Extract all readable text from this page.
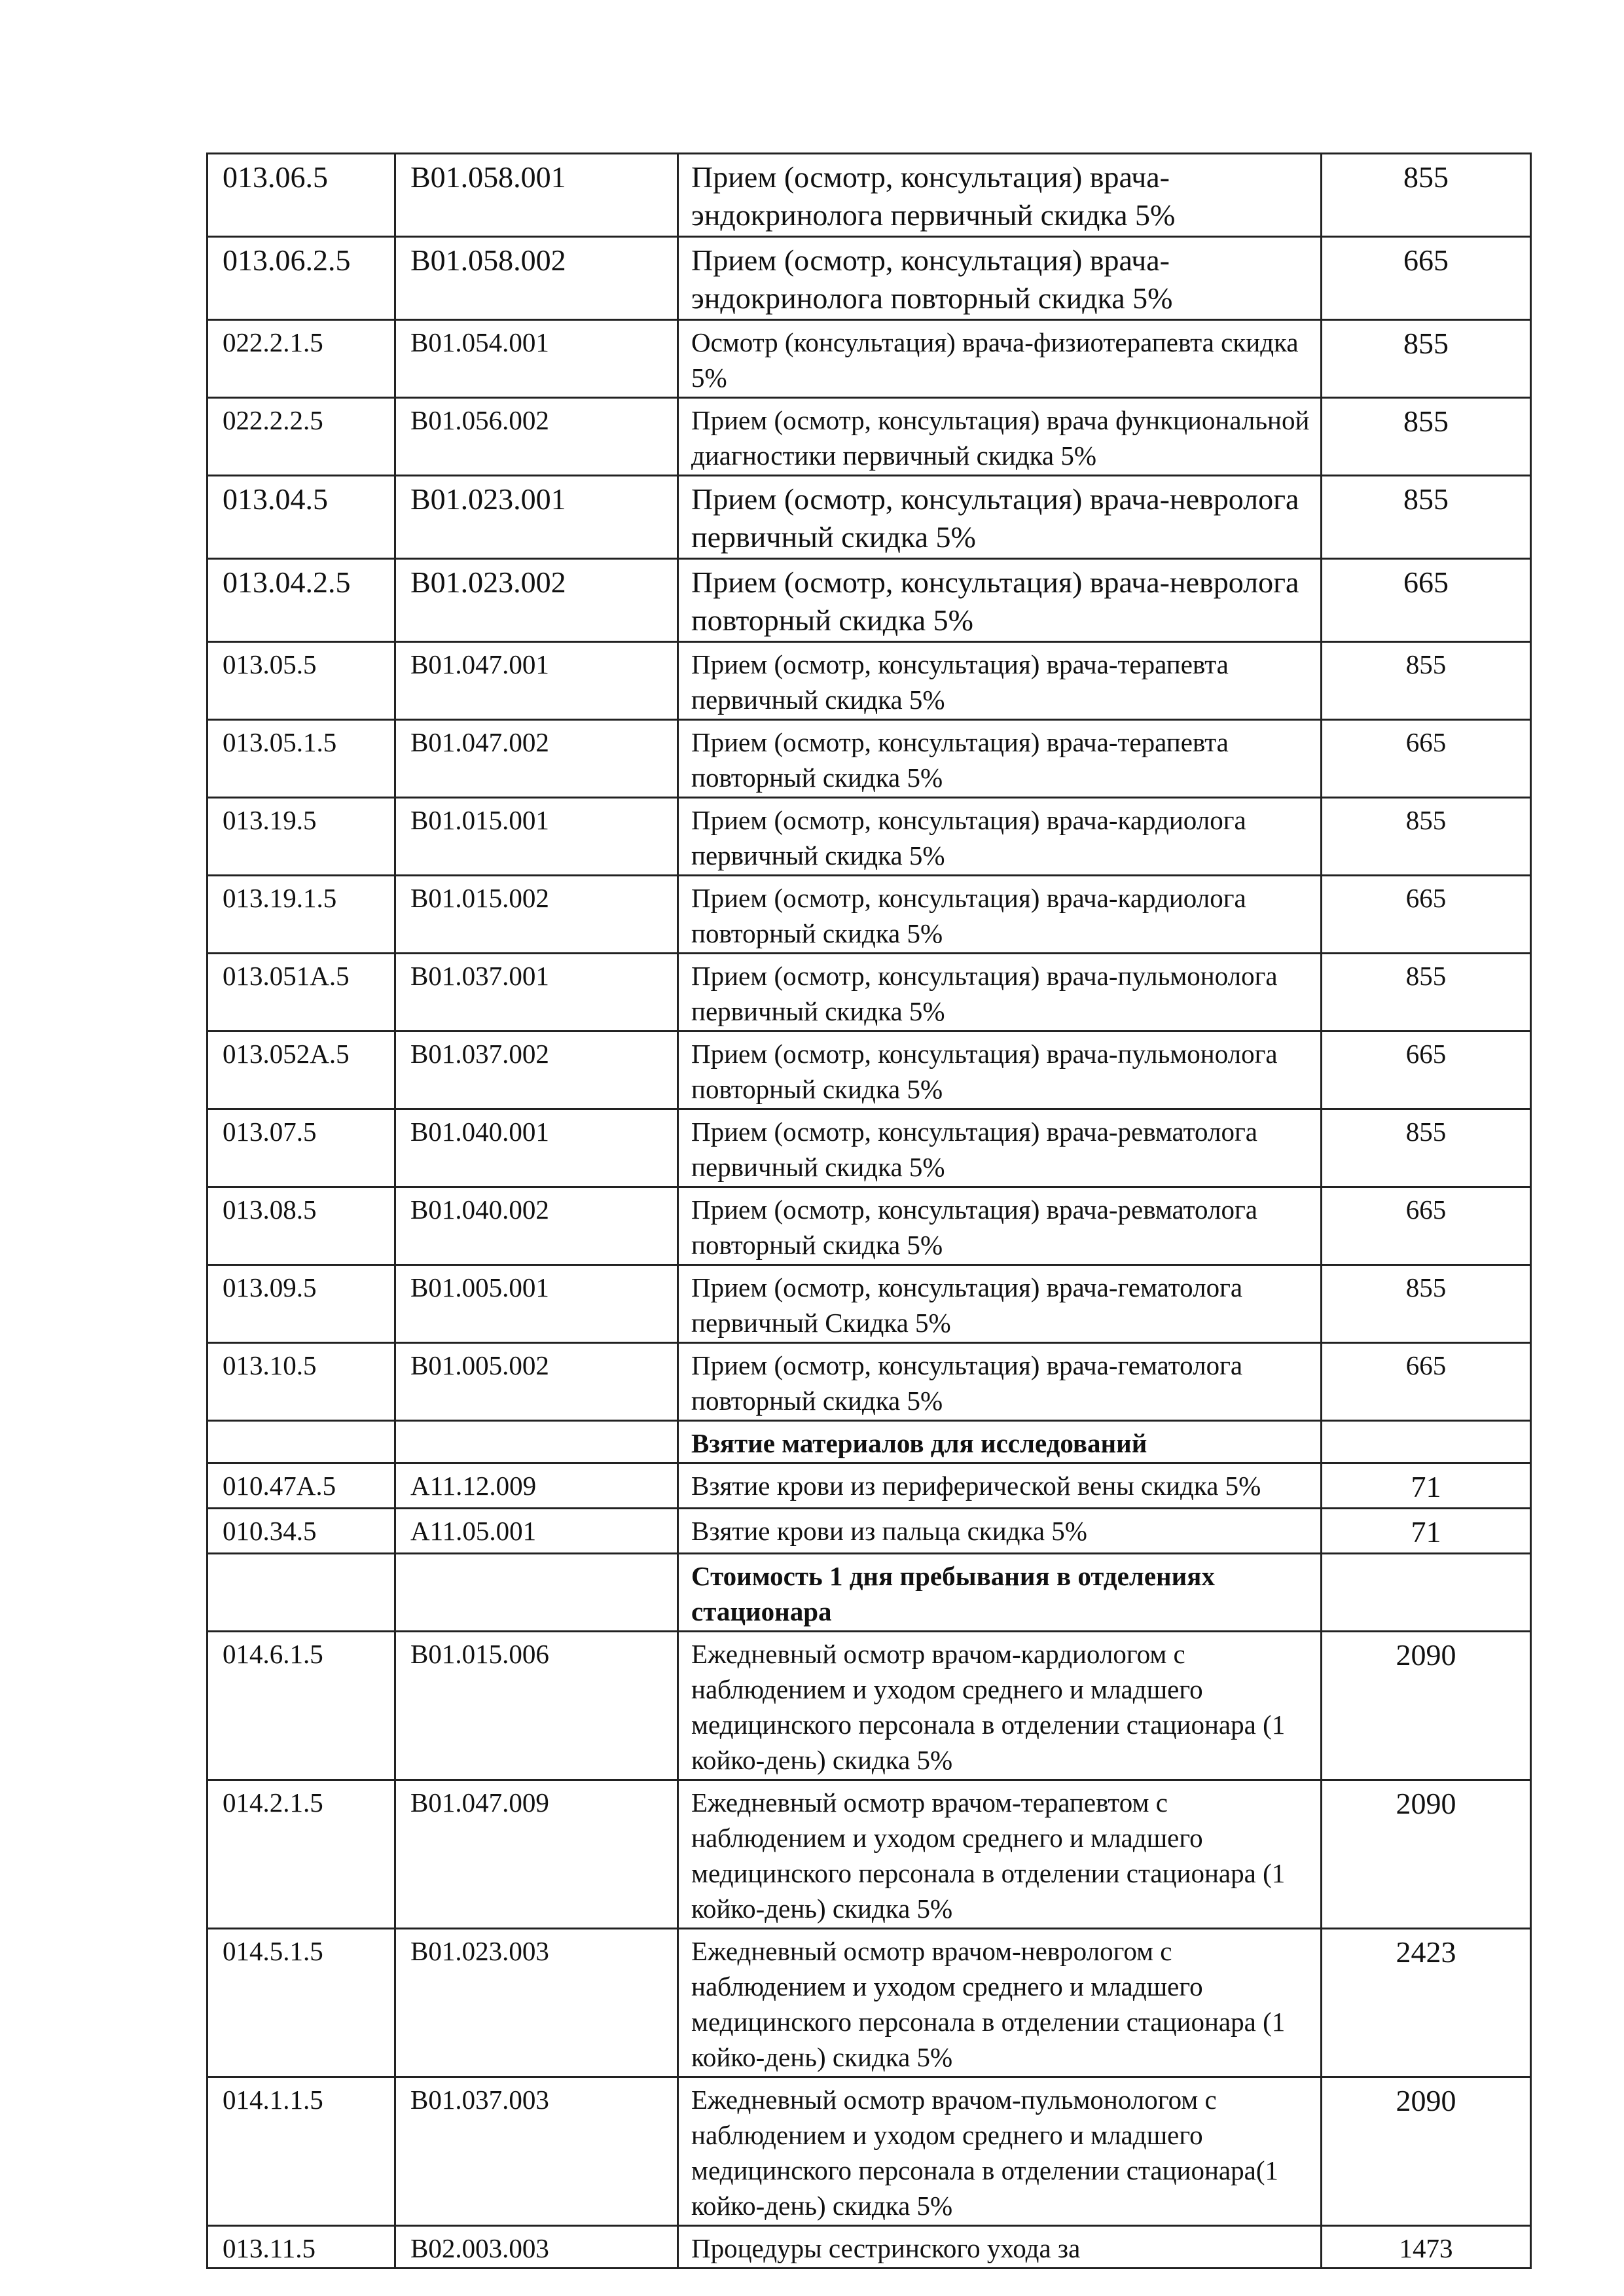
013.06.5	B01.058.001	Прием (осмотр, консультация) врача-эндокринолога первичный скидка 5%	855
013.06.2.5	B01.058.002	Прием (осмотр, консультация) врача-эндокринолога повторный скидка 5%	665
022.2.1.5	B01.054.001	Осмотр (консультация) врача-физиотерапевта скидка 5%	855
022.2.2.5	B01.056.002	Прием (осмотр, консультация) врача функциональной диагностики первичный скидка 5%	855
013.04.5	B01.023.001	Прием (осмотр, консультация) врача-невролога первичный скидка 5%	855
013.04.2.5	B01.023.002	Прием (осмотр, консультация) врача-невролога повторный скидка 5%	665
013.05.5	B01.047.001	Прием (осмотр, консультация) врача-терапевта первичный скидка 5%	855
013.05.1.5	B01.047.002	Прием (осмотр, консультация) врача-терапевта повторный скидка 5%	665
013.19.5	B01.015.001	Прием (осмотр, консультация) врача-кардиолога первичный скидка 5%	855
013.19.1.5	B01.015.002	Прием (осмотр, консультация) врача-кардиолога повторный скидка 5%	665
013.051A.5	B01.037.001	Прием (осмотр, консультация) врача-пульмонолога первичный скидка 5%	855
013.052A.5	B01.037.002	Прием (осмотр, консультация) врача-пульмонолога повторный скидка 5%	665
013.07.5	B01.040.001	Прием (осмотр, консультация) врача-ревматолога первичный скидка 5%	855
013.08.5	B01.040.002	Прием (осмотр, консультация) врача-ревматолога повторный скидка 5%	665
013.09.5	B01.005.001	Прием (осмотр, консультация) врача-гематолога первичный Скидка 5%	855
013.10.5	B01.005.002	Прием (осмотр, консультация) врача-гематолога повторный скидка 5%	665
		Взятие материалов для исследований	
010.47A.5	A11.12.009	Взятие крови из периферической вены скидка 5%	71
010.34.5	A11.05.001	Взятие крови из пальца скидка 5%	71
		Стоимость 1 дня пребывания в отделениях стационара	
014.6.1.5	B01.015.006	Ежедневный осмотр врачом-кардиологом с наблюдением и уходом среднего и младшего медицинского персонала в отделении стационара (1 койко-день) скидка 5%	2090
014.2.1.5	B01.047.009	Ежедневный осмотр врачом-терапевтом с наблюдением и уходом среднего и младшего медицинского персонала в отделении стационара (1 койко-день) скидка 5%	2090
014.5.1.5	B01.023.003	Ежедневный осмотр врачом-неврологом с наблюдением и уходом среднего и младшего медицинского персонала в отделении стационара (1 койко-день) скидка 5%	2423
014.1.1.5	B01.037.003	Ежедневный осмотр врачом-пульмонологом с наблюдением и уходом среднего и младшего медицинского персонала в отделении стационара(1 койко-день) скидка 5%	2090
013.11.5	B02.003.003	Процедуры сестринского ухода за	1473
